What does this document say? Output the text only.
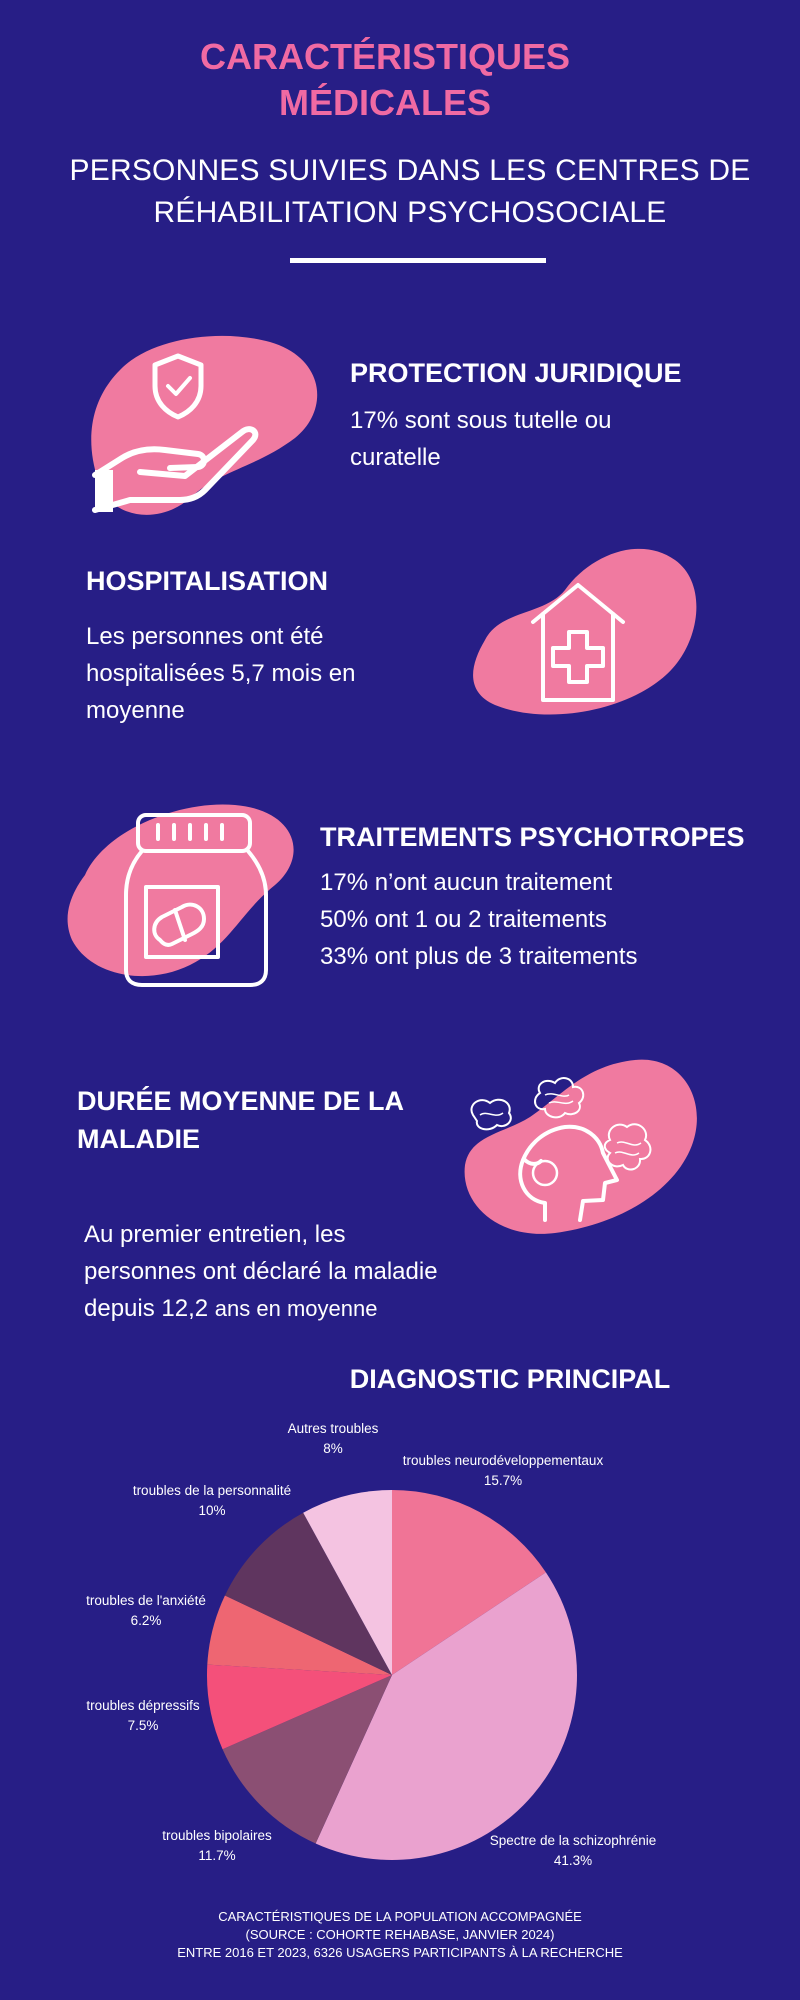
CARACTÉRISTIQUES
MÉDICALES
PERSONNES SUIVIES DANS LES CENTRES DE
RÉHABILITATION PSYCHOSOCIALE
PROTECTION JURIDIQUE
17% sont sous tutelle ou
curatelle
HOSPITALISATION
Les personnes ont été
hospitalisées 5,7 mois en
moyenne
TRAITEMENTS PSYCHOTROPES
17% n’ont aucun traitement
50% ont 1 ou 2 traitements
33% ont plus de 3 traitements
DURÉE MOYENNE DE LA
MALADIE
Au premier entretien, les
personnes ont déclaré la maladie
depuis 12,2 ans en moyenne
DIAGNOSTIC PRINCIPAL
troubles neurodéveloppementaux
15.7%
Spectre de la schizophrénie
41.3%
troubles bipolaires
11.7%
troubles dépressifs
7.5%
troubles de l'anxiété
6.2%
troubles de la personnalité
10%
Autres troubles
8%
CARACTÉRISTIQUES DE LA POPULATION ACCOMPAGNÉE
(SOURCE : COHORTE REHABASE, JANVIER 2024)
ENTRE 2016 ET 2023, 6326 USAGERS PARTICIPANTS À LA RECHERCHE
